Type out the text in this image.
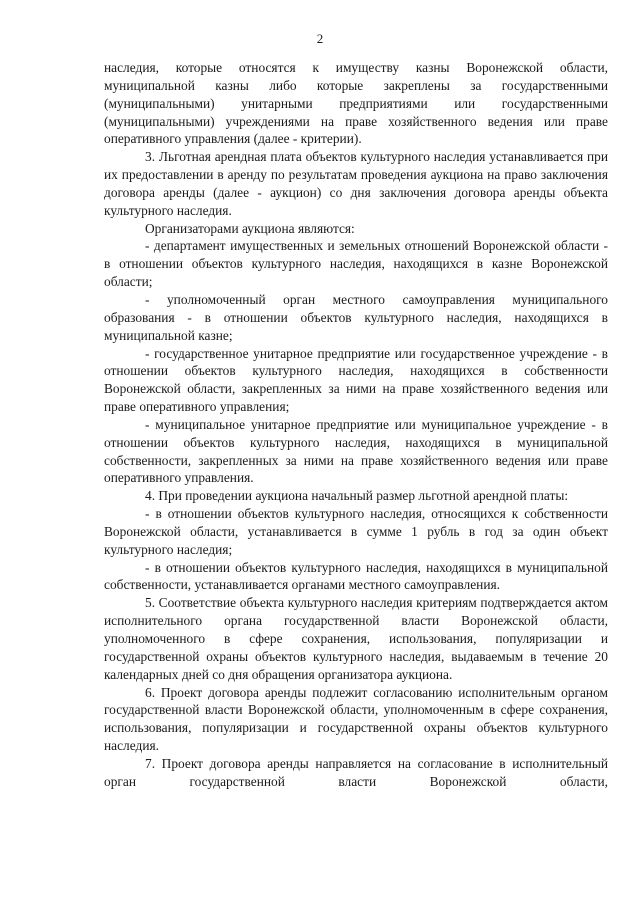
2

наследия, которые относятся к имуществу казны Воронежской области, муниципальной казны либо которые закреплены за государственными (муниципальными) унитарными предприятиями или государственными (муниципальными) учреждениями на праве хозяйственного ведения или праве оперативного управления (далее - критерии).

3. Льготная арендная плата объектов культурного наследия устанавливается при их предоставлении в аренду по результатам проведения аукциона на право заключения договора аренды (далее - аукцион) со дня заключения договора аренды объекта культурного наследия.

Организаторами аукциона являются:

- департамент имущественных и земельных отношений Воронежской области - в отношении объектов культурного наследия, находящихся в казне Воронежской области;

- уполномоченный орган местного самоуправления муниципального образования - в отношении объектов культурного наследия, находящихся в муниципальной казне;

- государственное унитарное предприятие или государственное учреждение - в отношении объектов культурного наследия, находящихся в собственности Воронежской области, закрепленных за ними на праве хозяйственного ведения или праве оперативного управления;

- муниципальное унитарное предприятие или муниципальное учреждение - в отношении объектов культурного наследия, находящихся в муниципальной собственности, закрепленных за ними на праве хозяйственного ведения или праве оперативного управления.

4. При проведении аукциона начальный размер льготной арендной платы:

- в отношении объектов культурного наследия, относящихся к собственности Воронежской области, устанавливается в сумме 1 рубль в год за один объект культурного наследия;

- в отношении объектов культурного наследия, находящихся в муниципальной собственности, устанавливается органами местного самоуправления.

5. Соответствие объекта культурного наследия критериям подтверждается актом исполнительного органа государственной власти Воронежской области, уполномоченного в сфере сохранения, использования, популяризации и государственной охраны объектов культурного наследия, выдаваемым в течение 20 календарных дней со дня обращения организатора аукциона.

6. Проект договора аренды подлежит согласованию исполнительным органом государственной власти Воронежской области, уполномоченным в сфере сохранения, использования, популяризации и государственной охраны объектов культурного наследия.

7. Проект договора аренды направляется на согласование в исполнительный орган государственной власти Воронежской области,
